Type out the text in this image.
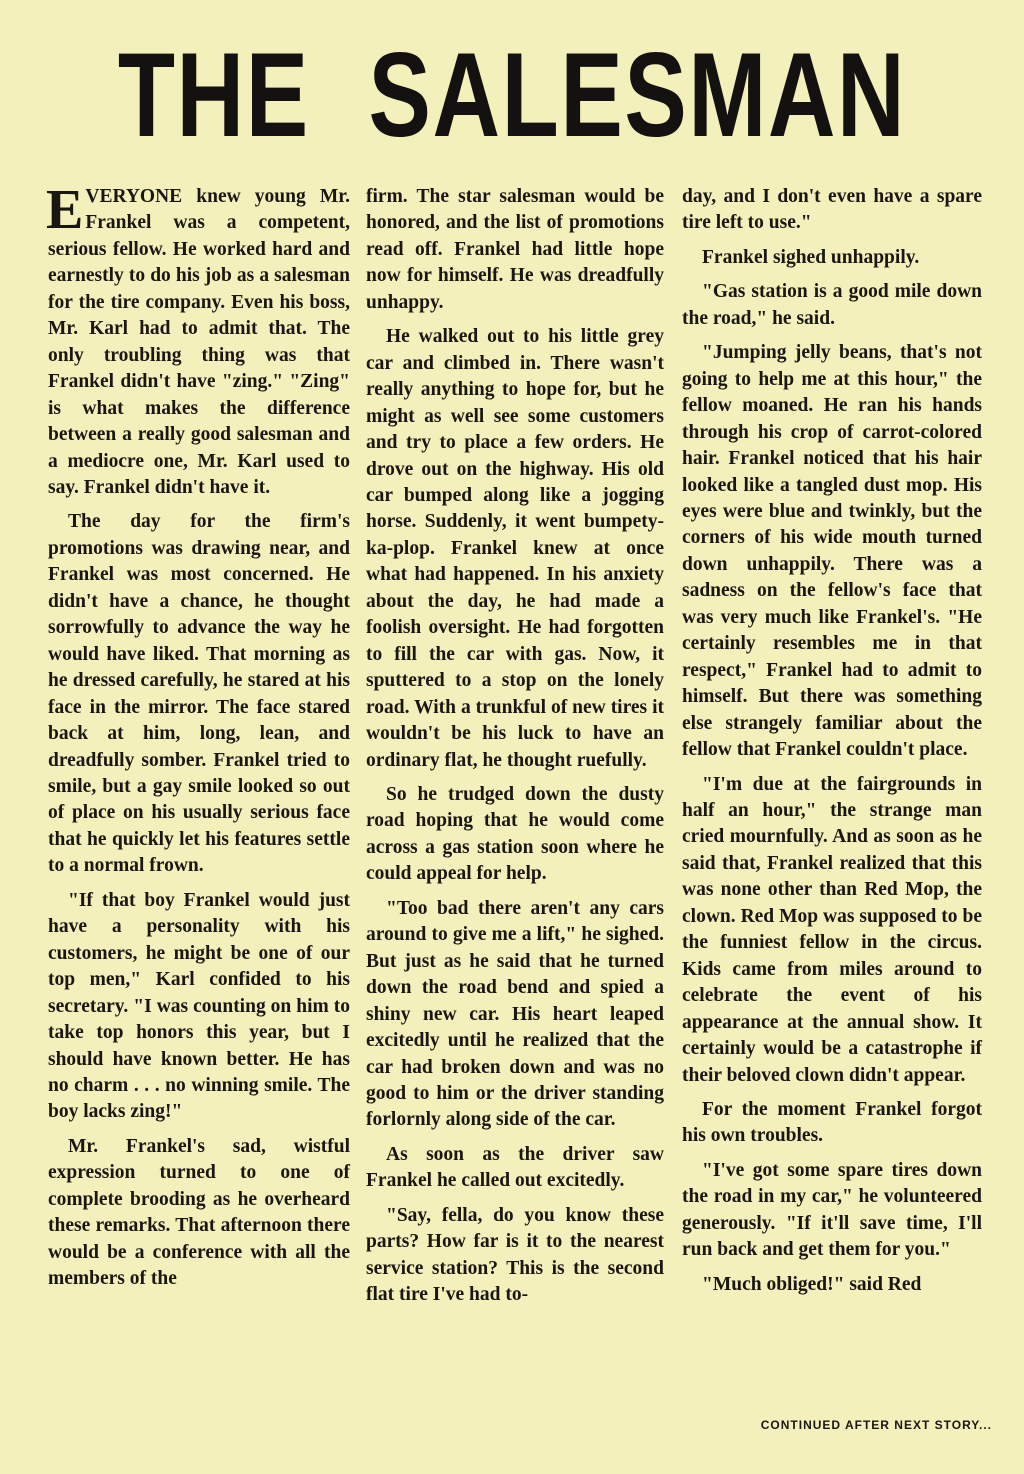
THE SALESMAN

EVERYONE knew young Mr. Frankel was a competent, serious fellow. He worked hard and earnestly to do his job as a salesman for the tire company. Even his boss, Mr. Karl had to admit that. The only troubling thing was that Frankel didn't have "zing." "Zing" is what makes the difference between a really good salesman and a mediocre one, Mr. Karl used to say. Frankel didn't have it.

The day for the firm's promotions was drawing near, and Frankel was most concerned. He didn't have a chance, he thought sorrowfully to advance the way he would have liked. That morning as he dressed carefully, he stared at his face in the mirror. The face stared back at him, long, lean, and dreadfully somber. Frankel tried to smile, but a gay smile looked so out of place on his usually serious face that he quickly let his features settle to a normal frown.

"If that boy Frankel would just have a personality with his customers, he might be one of our top men," Karl confided to his secretary. "I was counting on him to take top honors this year, but I should have known better. He has no charm . . . no winning smile. The boy lacks zing!"

Mr. Frankel's sad, wistful expression turned to one of complete brooding as he overheard these remarks. That afternoon there would be a conference with all the members of the

firm. The star salesman would be honored, and the list of promotions read off. Frankel had little hope now for himself. He was dreadfully unhappy.

He walked out to his little grey car and climbed in. There wasn't really anything to hope for, but he might as well see some customers and try to place a few orders. He drove out on the highway. His old car bumped along like a jogging horse. Suddenly, it went bumpety-ka-plop. Frankel knew at once what had happened. In his anxiety about the day, he had made a foolish oversight. He had forgotten to fill the car with gas. Now, it sputtered to a stop on the lonely road. With a trunkful of new tires it wouldn't be his luck to have an ordinary flat, he thought ruefully.

So he trudged down the dusty road hoping that he would come across a gas station soon where he could appeal for help.

"Too bad there aren't any cars around to give me a lift," he sighed. But just as he said that he turned down the road bend and spied a shiny new car. His heart leaped excitedly until he realized that the car had broken down and was no good to him or the driver standing forlornly along side of the car.

As soon as the driver saw Frankel he called out excitedly.

"Say, fella, do you know these parts? How far is it to the nearest service station? This is the second flat tire I've had to-

day, and I don't even have a spare tire left to use."

Frankel sighed unhappily.

"Gas station is a good mile down the road," he said.

"Jumping jelly beans, that's not going to help me at this hour," the fellow moaned. He ran his hands through his crop of carrot-colored hair. Frankel noticed that his hair looked like a tangled dust mop. His eyes were blue and twinkly, but the corners of his wide mouth turned down unhappily. There was a sadness on the fellow's face that was very much like Frankel's. "He certainly resembles me in that respect," Frankel had to admit to himself. But there was something else strangely familiar about the fellow that Frankel couldn't place.

"I'm due at the fairgrounds in half an hour," the strange man cried mournfully. And as soon as he said that, Frankel realized that this was none other than Red Mop, the clown. Red Mop was supposed to be the funniest fellow in the circus. Kids came from miles around to celebrate the event of his appearance at the annual show. It certainly would be a catastrophe if their beloved clown didn't appear.

For the moment Frankel forgot his own troubles.

"I've got some spare tires down the road in my car," he volunteered generously. "If it'll save time, I'll run back and get them for you."

"Much obliged!" said Red

CONTINUED AFTER NEXT STORY...
